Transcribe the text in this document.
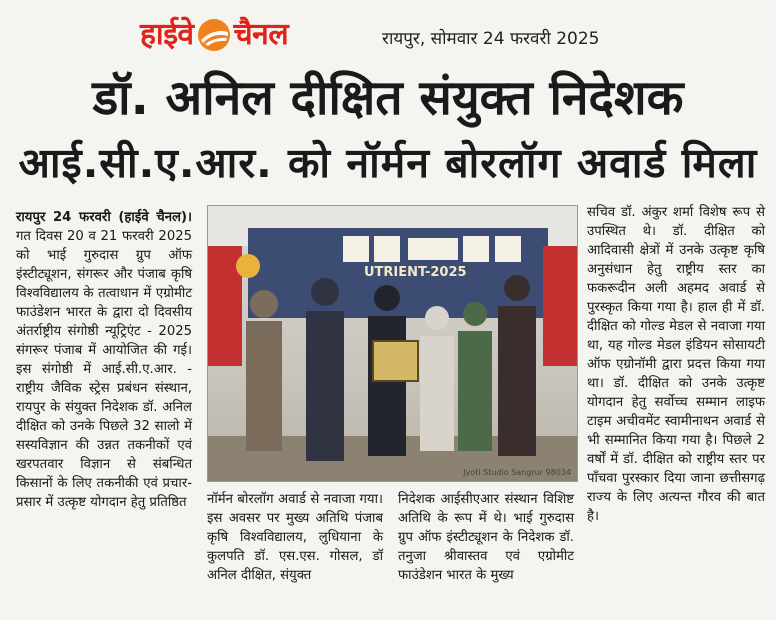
हाईवे चैनल	रायपुर, सोमवार 24 फरवरी 2025
डॉ. अनिल दीक्षित संयुक्त निदेशक
आई.सी.ए.आर. को नॉर्मन बोरलॉग अवार्ड मिला

रायपुर 24 फरवरी (हाईवे चैनल)। गत दिवस 20 व 21 फरवरी 2025 को भाई गुरुदास ग्रुप ऑफ इंस्टीट्यूशन, संगरूर और पंजाब कृषि विश्वविद्यालय के तत्वाधान में एग्रोमीट फाउंडेशन भारत के द्वारा दो दिवसीय अंतर्राष्ट्रीय संगोष्ठी न्यूट्रिएंट - 2025 संगरूर पंजाब में आयोजित की गई। इस संगोष्ठी में आई.सी.ए.आर. - राष्ट्रीय जैविक स्ट्रेस प्रबंधन संस्थान, रायपुर के संयुक्त निदेशक डॉ. अनिल दीक्षित को उनके पिछले 32 सालो में सस्यविज्ञान की उन्नत तकनीकों एवं खरपतवार विज्ञान से संबन्धित किसानों के लिए तकनीकी एवं प्रचार-प्रसार में उत्कृष्ट योगदान हेतु प्रतिष्ठित

UTRIENT-2025
Jyoti Studio Sangrur 98034

नॉर्मन बोरलॉग अवार्ड से नवाजा गया। इस अवसर पर मुख्य अतिथि पंजाब कृषि विश्वविद्यालय, लुधियाना के कुलपति डॉ. एस.एस. गोसल, डॉ अनिल दीक्षित, संयुक्त

निदेशक आईसीएआर संस्थान विशिष्ट अतिथि के रूप में थे। भाई गुरुदास ग्रुप ऑफ इंस्टीट्यूशन के निदेशक डॉ. तनुजा श्रीवास्तव एवं एग्रोमीट फाउंडेशन भारत के मुख्य

सचिव डॉ. अंकुर शर्मा विशेष रूप से उपस्थित थे। डॉ. दीक्षित को आदिवासी क्षेत्रों में उनके उत्कृष्ट कृषि अनुसंधान हेतु राष्ट्रीय स्तर का फकरूदीन अली अहमद अवार्ड से पुरस्कृत किया गया है। हाल ही में डॉ. दीक्षित को गोल्ड मेडल से नवाजा गया था, यह गोल्ड मेडल इंडियन सोसायटी ऑफ एग्रोनॉमी द्वारा प्रदत्त किया गया था। डॉ. दीक्षित को उनके उत्कृष्ट योगदान हेतु सर्वोच्च सम्मान लाइफ टाइम अचीवमेंट स्वामीनाथन अवार्ड से भी सम्मानित किया गया है। पिछले 2 वर्षों में डॉ. दीक्षित को राष्ट्रीय स्तर पर पाँचवा पुरस्कार दिया जाना छत्तीसगढ़ राज्य के लिए अत्यन्त गौरव की बात है।
